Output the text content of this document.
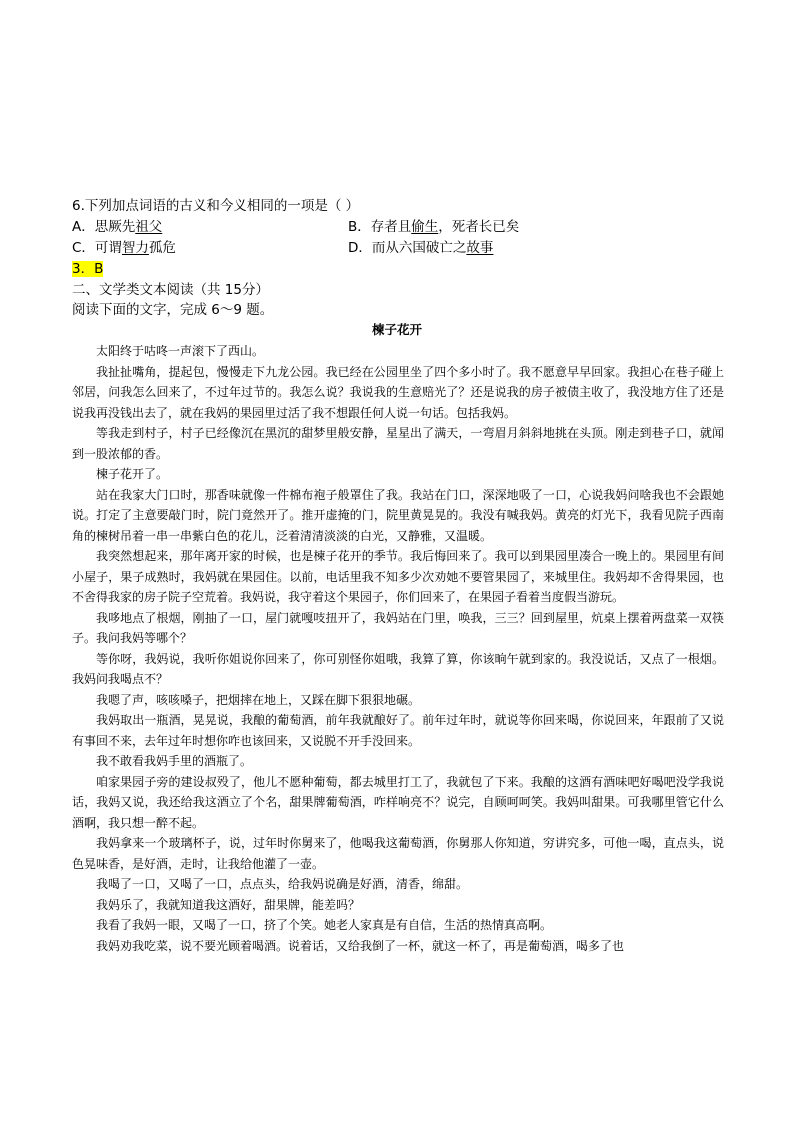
6.下列加点词语的古义和今义相同的一项是（ ）
A．思厥先祖父	B．存者且偷生，死者长已矣
C．可谓智力孤危	D．而从六国破亡之故事
3．B
二、文学类文本阅读（共 15分）
阅读下面的文字，完成 6～9 题。
楝子花开

太阳终于咕咚一声滚下了西山。

我扯扯嘴角，提起包，慢慢走下九龙公园。我已经在公园里坐了四个多小时了。我不愿意早早回家。我担心在巷子碰上邻居，问我怎么回来了，不过年过节的。我怎么说？我说我的生意赔光了？还是说我的房子被债主收了，我没地方住了还是说我再没钱出去了，就在我妈的果园里过活了我不想跟任何人说一句话。包括我妈。

等我走到村子，村子已经像沉在黑沉的甜梦里般安静，星星出了满天，一弯眉月斜斜地挑在头顶。刚走到巷子口，就闻到一股浓郁的香。

楝子花开了。

站在我家大门口时，那香味就像一件棉布袍子般罩住了我。我站在门口，深深地吸了一口，心说我妈问啥我也不会跟她说。打定了主意要敲门时，院门竟然开了。推开虚掩的门，院里黄晃晃的。我没有喊我妈。黄亮的灯光下，我看见院子西南角的楝树吊着一串一串紫白色的花儿，泛着清清淡淡的白光，又静雅，又温暖。

我突然想起来，那年离开家的时候，也是楝子花开的季节。我后悔回来了。我可以到果园里凑合一晚上的。果园里有间小屋子，果子成熟时，我妈就在果园住。以前，电话里我不知多少次劝她不要管果园了，来城里住。我妈却不舍得果园，也不舍得我家的房子院子空荒着。我妈说，我守着这个果园子，你们回来了，在果园子看着当度假当游玩。

我哆地点了根烟，刚抽了一口，屋门就嘎吱扭开了，我妈站在门里，唤我，三三？回到屋里，炕桌上摆着两盘菜一双筷子。我问我妈等哪个？

等你呀，我妈说，我听你姐说你回来了，你可别怪你姐哦，我算了算，你该晌午就到家的。我没说话，又点了一根烟。我妈问我喝点不？

我嗯了声，咳咳嗓子，把烟摔在地上，又踩在脚下狠狠地碾。

我妈取出一瓶酒，晃晃说，我酿的葡萄酒，前年我就酿好了。前年过年时，就说等你回来喝，你说回来，年跟前了又说有事回不来，去年过年时想你咋也该回来，又说脱不开手没回来。

我不敢看我妈手里的酒瓶了。

咱家果园子旁的建设叔殁了，他儿不愿种葡萄，都去城里打工了，我就包了下来。我酿的这酒有酒味吧好喝吧没学我说话，我妈又说，我还给我这酒立了个名，甜果牌葡萄酒，咋样响亮不？说完，自顾呵呵笑。我妈叫甜果。可我哪里管它什么酒啊，我只想一醉不起。

我妈拿来一个玻璃杯子，说，过年时你舅来了，他喝我这葡萄酒，你舅那人你知道，穷讲究多，可他一喝，直点头，说色晃味香，是好酒，走时，让我给他灌了一壶。

我喝了一口，又喝了一口，点点头，给我妈说确是好酒，清香，绵甜。

我妈乐了，我就知道我这酒好，甜果牌，能差吗？

我看了我妈一眼，又喝了一口，挤了个笑。她老人家真是有自信，生活的热情真高啊。

我妈劝我吃菜，说不要光顾着喝酒。说着话，又给我倒了一杯，就这一杯了，再是葡萄酒，喝多了也
